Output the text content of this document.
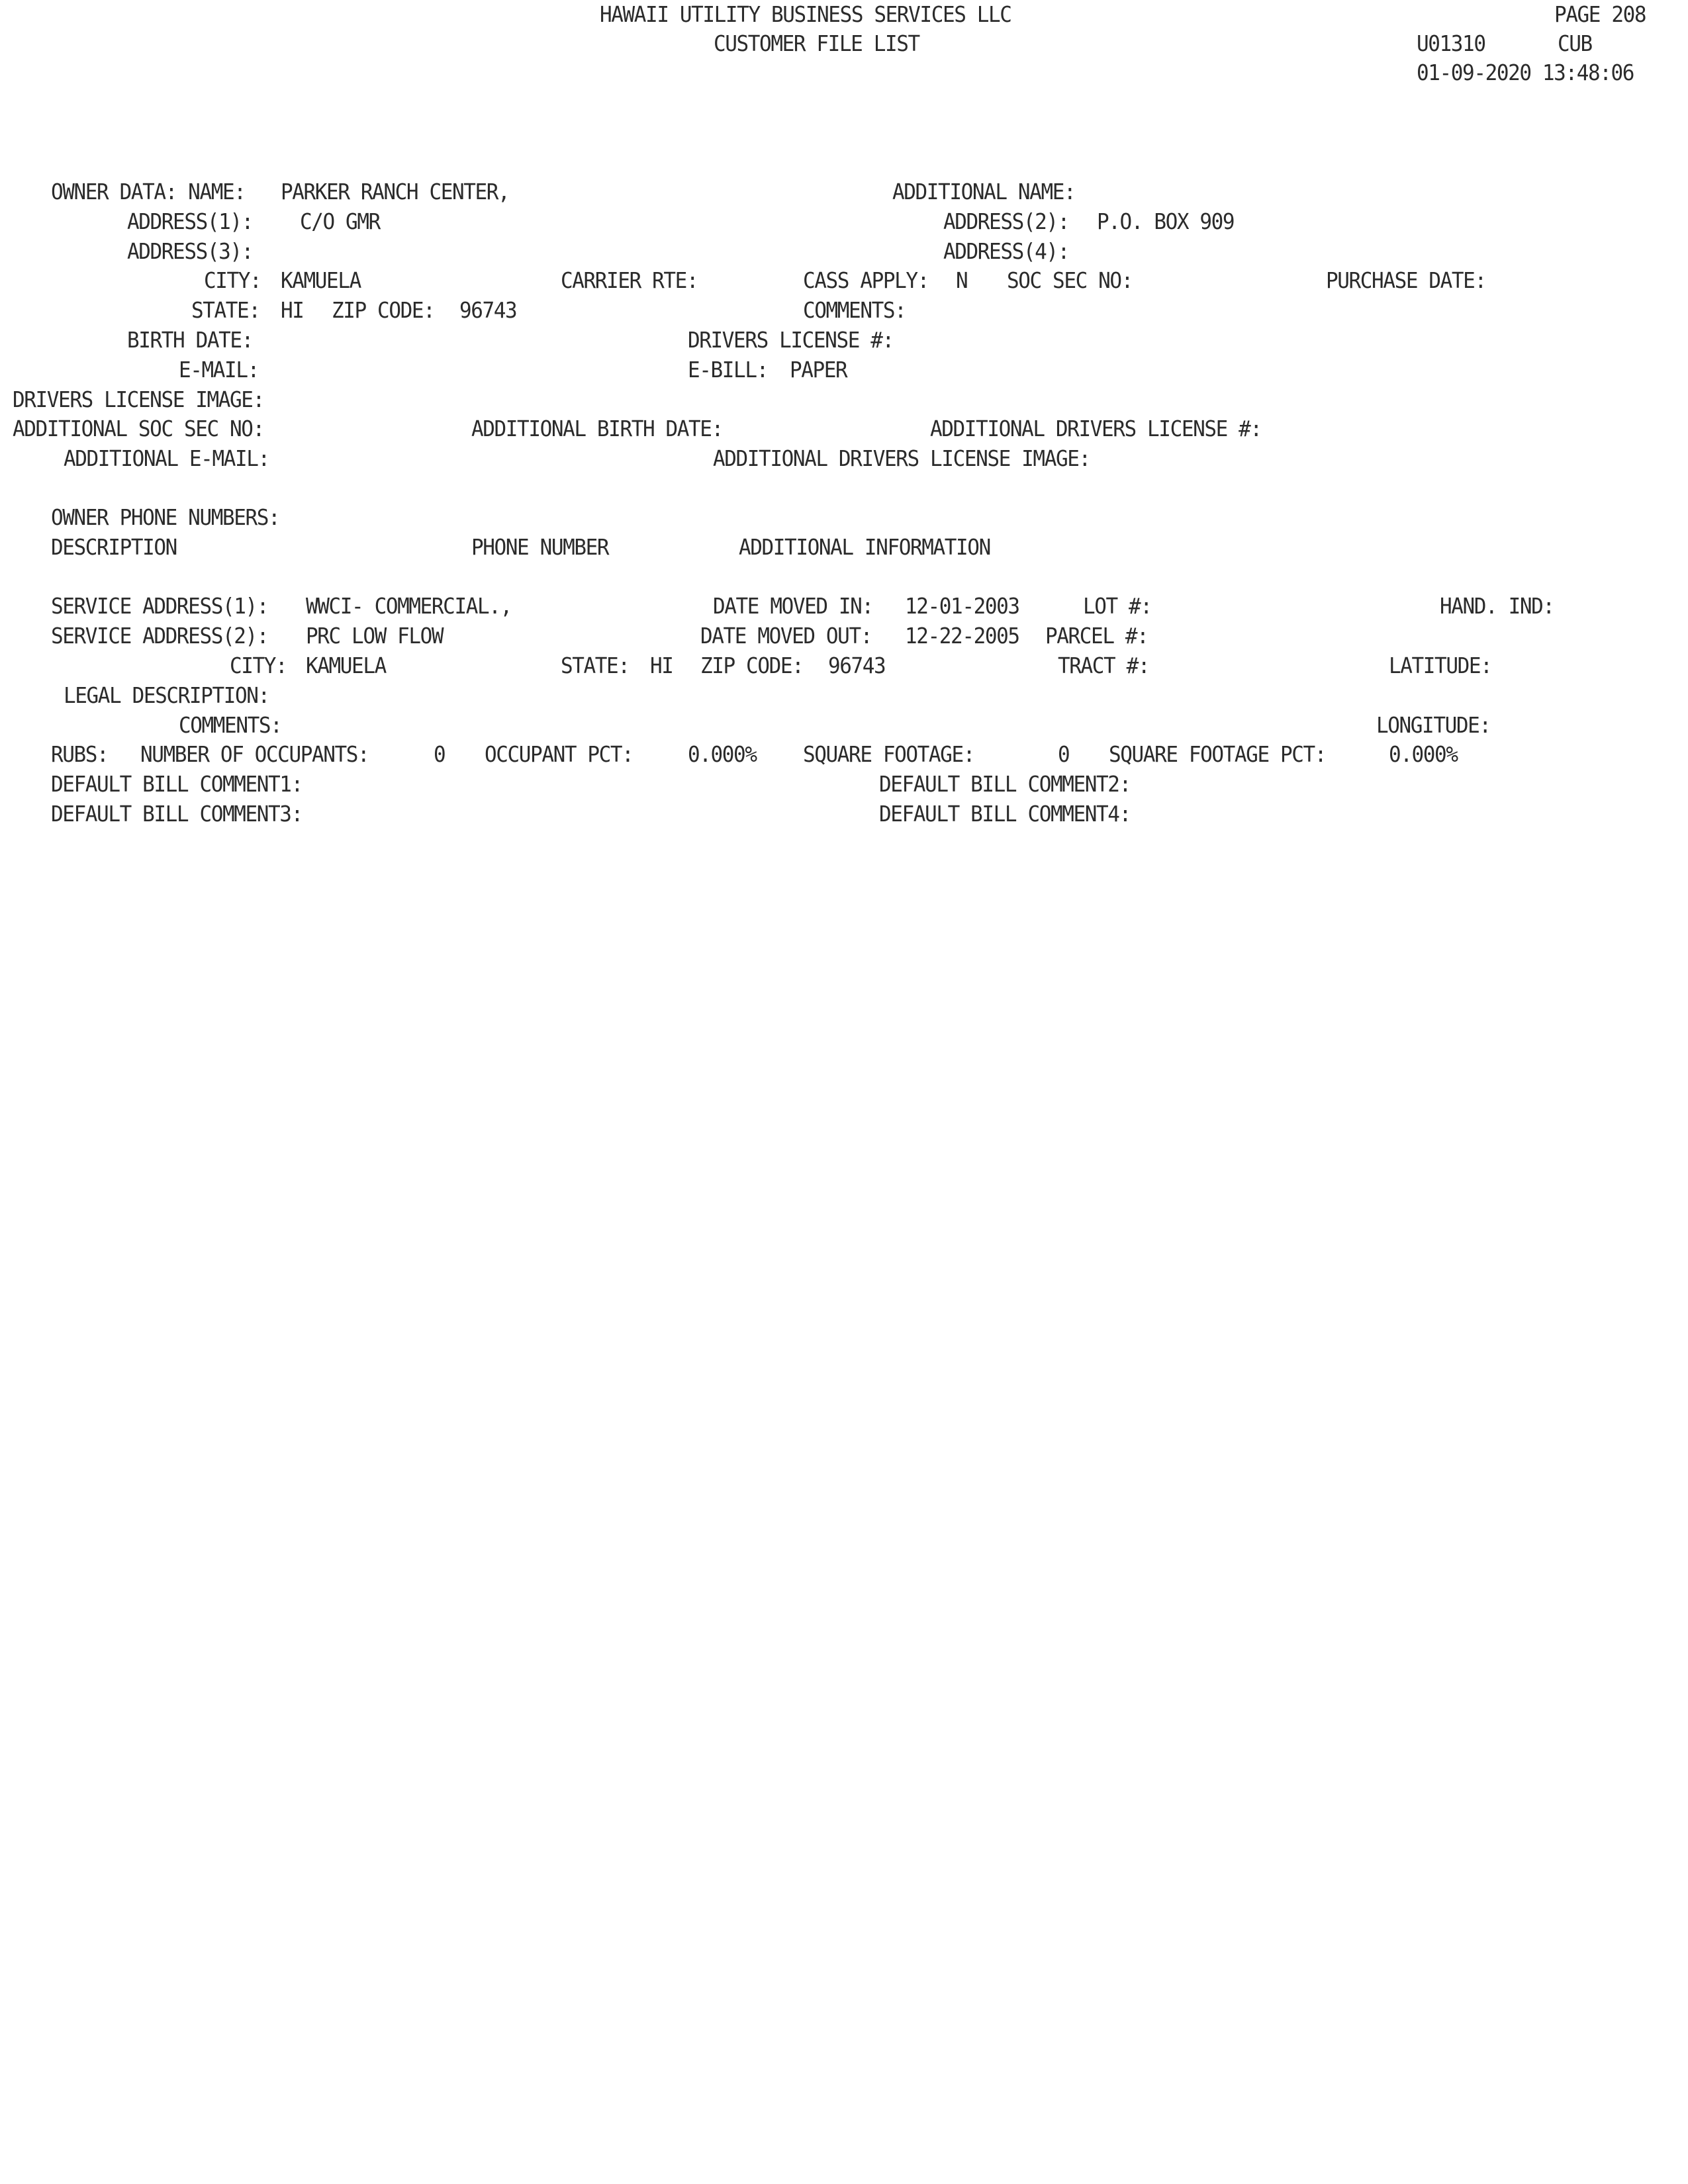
HAWAII UTILITY BUSINESS SERVICES LLC	PAGE 208
CUSTOMER FILE LIST	U01310	CUB
01-09-2020 13:48:06
OWNER DATA: NAME: PARKER RANCH CENTER,	ADDITIONAL NAME:
ADDRESS(1): C/O GMR	ADDRESS(2): P.O. BOX 909
ADDRESS(3):	ADDRESS(4):
CITY: KAMUELA	CARRIER RTE:	CASS APPLY: N SOC SEC NO:	PURCHASE DATE:
STATE: HI ZIP CODE: 96743	COMMENTS:
BIRTH DATE:	DRIVERS LICENSE #:
E-MAIL:	E-BILL: PAPER
DRIVERS LICENSE IMAGE:
ADDITIONAL SOC SEC NO:	ADDITIONAL BIRTH DATE:	ADDITIONAL DRIVERS LICENSE #:
ADDITIONAL E-MAIL:	ADDITIONAL DRIVERS LICENSE IMAGE:
OWNER PHONE NUMBERS:
DESCRIPTION	PHONE NUMBER	ADDITIONAL INFORMATION
SERVICE ADDRESS(1): WWCI- COMMERCIAL.,	DATE MOVED IN: 12-01-2003	LOT #:	HAND. IND:
SERVICE ADDRESS(2): PRC LOW FLOW	DATE MOVED OUT: 12-22-2005 PARCEL #:
CITY: KAMUELA	STATE: HI ZIP CODE: 96743	TRACT #:	LATITUDE:
LEGAL DESCRIPTION:
COMMENTS:	LONGITUDE:
RUBS: NUMBER OF OCCUPANTS:	0 OCCUPANT PCT:	0.000% SQUARE FOOTAGE:	0 SQUARE FOOTAGE PCT:	0.000%
DEFAULT BILL COMMENT1:	DEFAULT BILL COMMENT2:
DEFAULT BILL COMMENT3:	DEFAULT BILL COMMENT4:
